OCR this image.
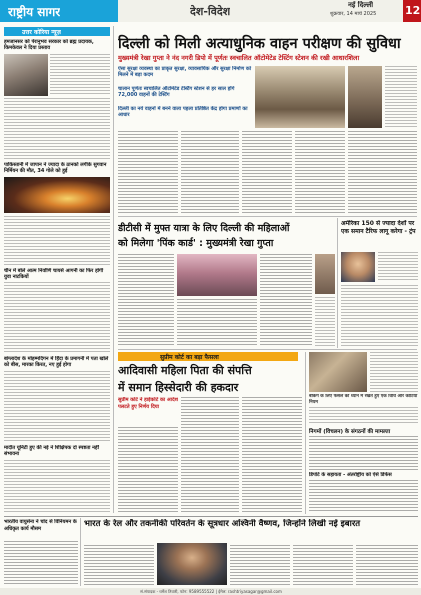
राष्ट्रीय सागर	देश-विदेश	नई दिल्ली
शुक्रवार, 14 मार्च 2025	12
उत्तर कोरिया न्यूज़
हमजानसर को पेरानुभव सरकार को ब्रह्म प्रदायक, किमकेवल ने दिया प्रस्ताव
पाकिस्तानी में जापान ने ज्यादा के ठानको लगीके सुगवान निर्मियन की मौत, 34 गोले को हुई
चीन में बोले आत्म निर्वाणि चायर्स आगनी का फिर होगी युवा नाटकियों
बांग्लादेश के मोहम्मदिगन में हिंदा के प्रमागनी में पता खोले को बीस, मारका किरत, नए हुई होगा
मादीत यूनिटी हुए की नई ने शिक्षिपक दो स्पष्टता नहीं संभावना
दिल्ली को मिली अत्याधुनिक वाहन परीक्षण की सुविधा
मुख्यमंत्री रेखा गुप्ता ने नंद नगरी डिपो में पूर्णतः स्वचालित ऑटोमेटेड टेस्टिंग स्टेशन की रखी आधारशिला
ऐसा सुरक्षा व्यवस्था का प्राकृत सुरक्षा, व्यावसायिक और सुरक्षा निर्माण को मिलने में बड़ा कदम
चालान पूर्णतः स्वचालित ऑटोमेटेड टेस्टिंग स्टेशन से हर साल होंगे 72,000 वाहनों की टेस्टिंग
दिल्ली का नये वाहनों में बनने वाला पहला प्रतिष्ठित केंद्र होगा प्रमाणों का आधार
डीटीसी में मुफ्त यात्रा के लिए दिल्ली की महिलाओं
को मिलेगा 'पिंक कार्ड' : मुख्यमंत्री रेखा गुप्ता
अमेरिका 150 से ज्यादा देशों पर एक समान टैरिफ लागू करेगा - ट्रंप
सुप्रीम कोर्ट का बड़ा फैसला
आदिवासी महिला पिता की संपत्ति
में समान हिस्सेदारी की हकदार
सुप्रीम कोर्ट ने हाईकोर्ट का आदेश पलटते हुए निर्णय दिया
बैंकिंग के लिए फैसले को ध्यान में रखते हुए एक विधि और कोटिया नियम
निगमों (विचलन) के संगठनों की मामल्ता
डिपोर्ट के सहायता - अंतर्राष्ट्रीय को ऐसे डिफेंस
भारतीय वायुसेना ने चांद से विनियमन के अधिकृत कार्य मौसम	भारत के रेल और तकनीकी परिवर्तन के सूत्रधार अश्विनी वैष्णव, जिन्होंने लिखी नई इबारत
सं.संपादक - धर्मेश तिवारी, फोन: 9589555522 | ईमेल: rashtriyasagar@gmail.com
